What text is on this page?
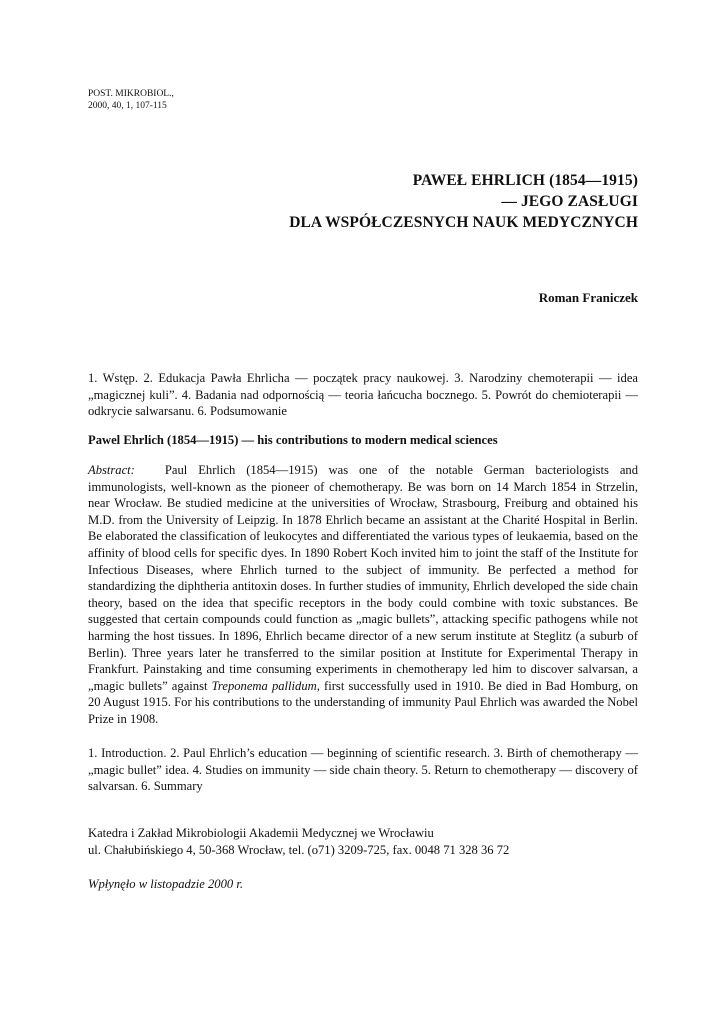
POST. MIKROBIOL.,
2000, 40, 1, 107-115
PAWEŁ EHRLICH (1854—1915)
— JEGO ZASŁUGI
DLA WSPÓŁCZESNYCH NAUK MEDYCZNYCH
Roman Franiczek
1. Wstęp. 2. Edukacja Pawła Ehrlicha — początek pracy naukowej. 3. Narodziny chemoterapii — idea „magicznej kuli”. 4. Badania nad odpornością — teoria łańcucha bocznego. 5. Powrót do chemioterapii — odkrycie salwarsanu. 6. Podsumowanie
Pawel Ehrlich (1854—1915) — his contributions to modern medical sciences
Abstract: Paul Ehrlich (1854—1915) was one of the notable German bacteriologists and immunologists, well-known as the pioneer of chemotherapy. Be was born on 14 March 1854 in Strzelin, near Wrocław. Be studied medicine at the universities of Wrocław, Strasbourg, Freiburg and obtained his M.D. from the University of Leipzig. In 1878 Ehrlich became an assistant at the Charité Hospital in Berlin. Be elaborated the classification of leukocytes and differentiated the various types of leukaemia, based on the affinity of blood cells for specific dyes. In 1890 Robert Koch invited him to joint the staff of the Institute for Infectious Diseases, where Ehrlich turned to the subject of immunity. Be perfected a method for standardizing the diphtheria antitoxin doses. In further studies of immunity, Ehrlich developed the side chain theory, based on the idea that specific receptors in the body could combine with toxic substances. Be suggested that certain compounds could function as „magic bullets”, attacking specific pathogens while not harming the host tissues. In 1896, Ehrlich became director of a new serum institute at Steglitz (a suburb of Berlin). Three years later he transferred to the similar position at Institute for Experimental Therapy in Frankfurt. Painstaking and time consuming experiments in chemotherapy led him to discover salvarsan, a „magic bullets” against Treponema pallidum, first successfully used in 1910. Be died in Bad Homburg, on 20 August 1915. For his contributions to the understanding of immunity Paul Ehrlich was awarded the Nobel Prize in 1908.
1. Introduction. 2. Paul Ehrlich’s education — beginning of scientific research. 3. Birth of chemotherapy — „magic bullet” idea. 4. Studies on immunity — side chain theory. 5. Return to chemotherapy — discovery of salvarsan. 6. Summary
Katedra i Zakład Mikrobiologii Akademii Medycznej we Wrocławiu
ul. Chałubińskiego 4, 50-368 Wrocław, tel. (o71) 3209-725, fax. 0048 71 328 36 72
Wpłynęło w listopadzie 2000 r.
